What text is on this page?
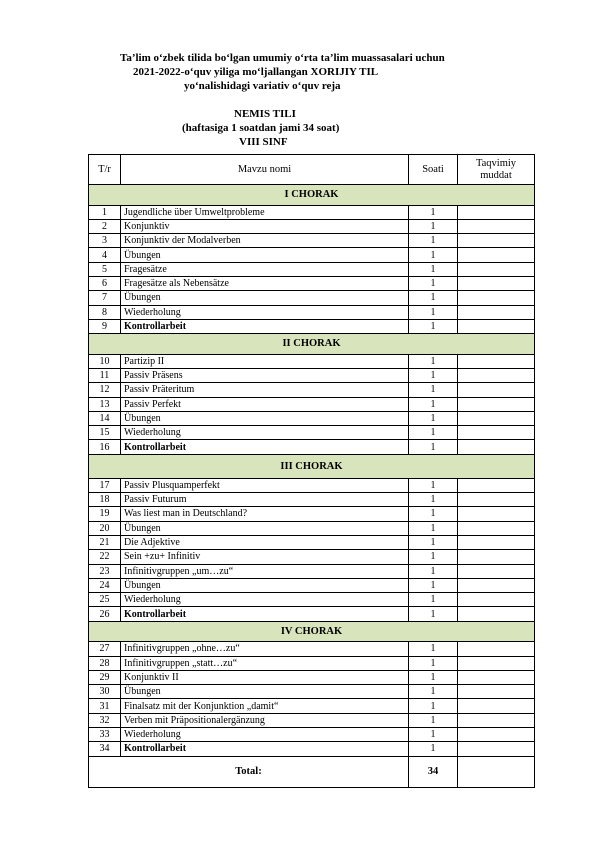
Ta’lim o‘zbek tilida bo‘lgan umumiy o‘rta ta’lim muassasalari uchun
2021-2022-o‘quv yiliga mo‘ljallangan XORIJIY TIL
yo‘nalishidagi variativ o‘quv reja
NEMIS TILI
(haftasiga 1 soatdan jami 34 soat)
VIII SINF
T/r	Mavzu nomi	Soati	Taqvimiy muddat
I CHORAK			
1	Jugendliche über Umweltprobleme	1	
2	Konjunktiv	1	
3	Konjunktiv der Modalverben	1	
4	Übungen	1	
5	Fragesätze	1	
6	Fragesätze als Nebensätze	1	
7	Übungen	1	
8	Wiederholung	1	
9	Kontrollarbeit	1	
II CHORAK			
10	Partizip II	1	
11	Passiv Präsens	1	
12	Passiv Präteritum	1	
13	Passiv Perfekt	1	
14	Übungen	1	
15	Wiederholung	1	
16	Kontrollarbeit	1	
III CHORAK			
17	Passiv Plusquamperfekt	1	
18	Passiv Futurum	1	
19	Was liest man in Deutschland?	1	
20	Übungen	1	
21	Die Adjektive	1	
22	Sein +zu+ Infinitiv	1	
23	Infinitivgruppen „um…zu“	1	
24	Übungen	1	
25	Wiederholung	1	
26	Kontrollarbeit	1	
IV CHORAK			
27	Infinitivgruppen „ohne…zu“	1	
28	Infinitivgruppen „statt…zu“	1	
29	Konjunktiv II	1	
30	Übungen	1	
31	Finalsatz mit der Konjunktion „damit“	1	
32	Verben mit Präpositionalergänzung	1	
33	Wiederholung	1	
34	Kontrollarbeit	1	
Total:		34	
